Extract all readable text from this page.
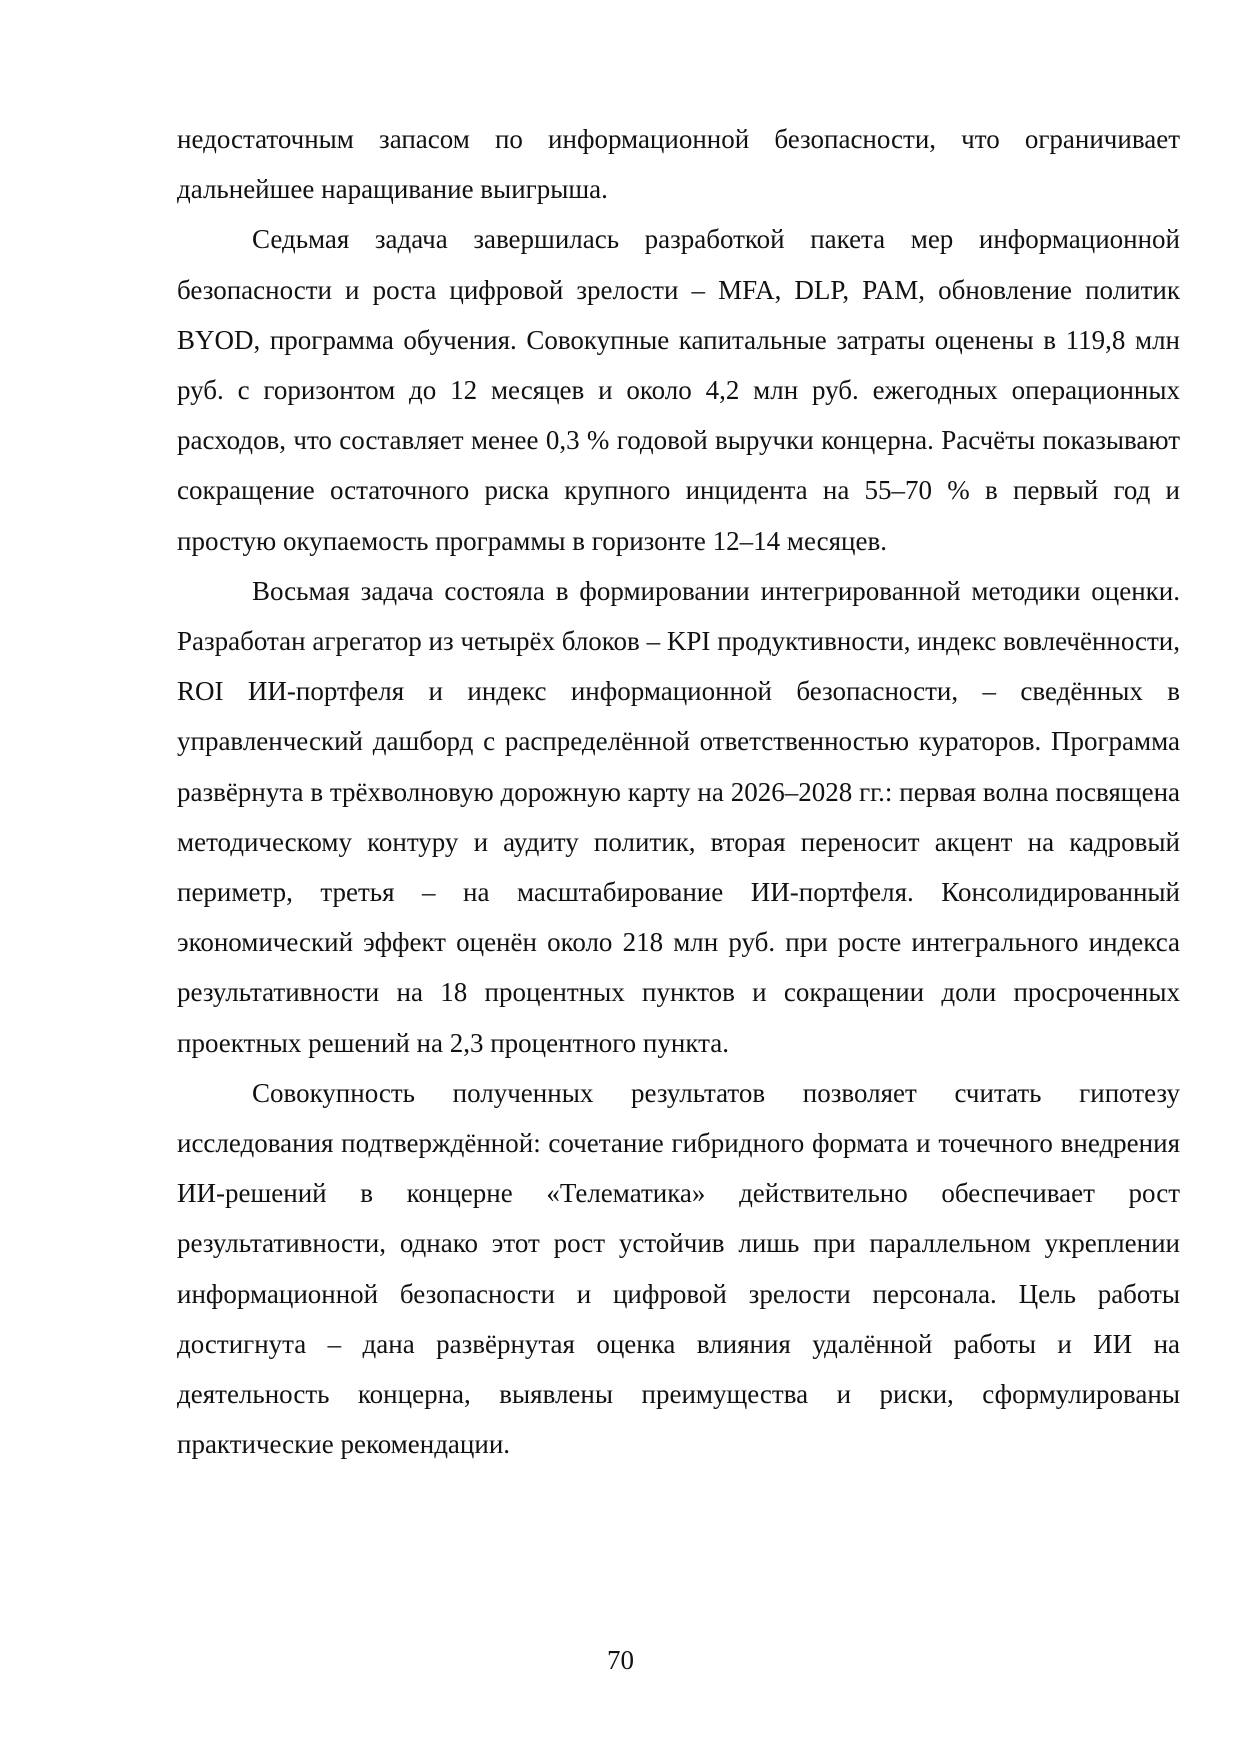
недостаточным запасом по информационной безопасности, что ограничивает дальнейшее наращивание выигрыша.

Седьмая задача завершилась разработкой пакета мер информационной безопасности и роста цифровой зрелости – MFA, DLP, PAM, обновление политик BYOD, программа обучения. Совокупные капитальные затраты оценены в 119,8 млн руб. с горизонтом до 12 месяцев и около 4,2 млн руб. ежегодных операционных расходов, что составляет менее 0,3 % годовой выручки концерна. Расчёты показывают сокращение остаточного риска крупного инцидента на 55–70 % в первый год и простую окупаемость программы в горизонте 12–14 месяцев.

Восьмая задача состояла в формировании интегрированной методики оценки. Разработан агрегатор из четырёх блоков – KPI продуктивности, индекс вовлечённости, ROI ИИ-портфеля и индекс информационной безопасности, – сведённых в управленческий дашборд с распределённой ответственностью кураторов. Программа развёрнута в трёхволновую дорожную карту на 2026–2028 гг.: первая волна посвящена методическому контуру и аудиту политик, вторая переносит акцент на кадровый периметр, третья – на масштабирование ИИ-портфеля. Консолидированный экономический эффект оценён около 218 млн руб. при росте интегрального индекса результативности на 18 процентных пунктов и сокращении доли просроченных проектных решений на 2,3 процентного пункта.

Совокупность полученных результатов позволяет считать гипотезу исследования подтверждённой: сочетание гибридного формата и точечного внедрения ИИ-решений в концерне «Телематика» действительно обеспечивает рост результативности, однако этот рост устойчив лишь при параллельном укреплении информационной безопасности и цифровой зрелости персонала. Цель работы достигнута – дана развёрнутая оценка влияния удалённой работы и ИИ на деятельность концерна, выявлены преимущества и риски, сформулированы практические рекомендации.

70
